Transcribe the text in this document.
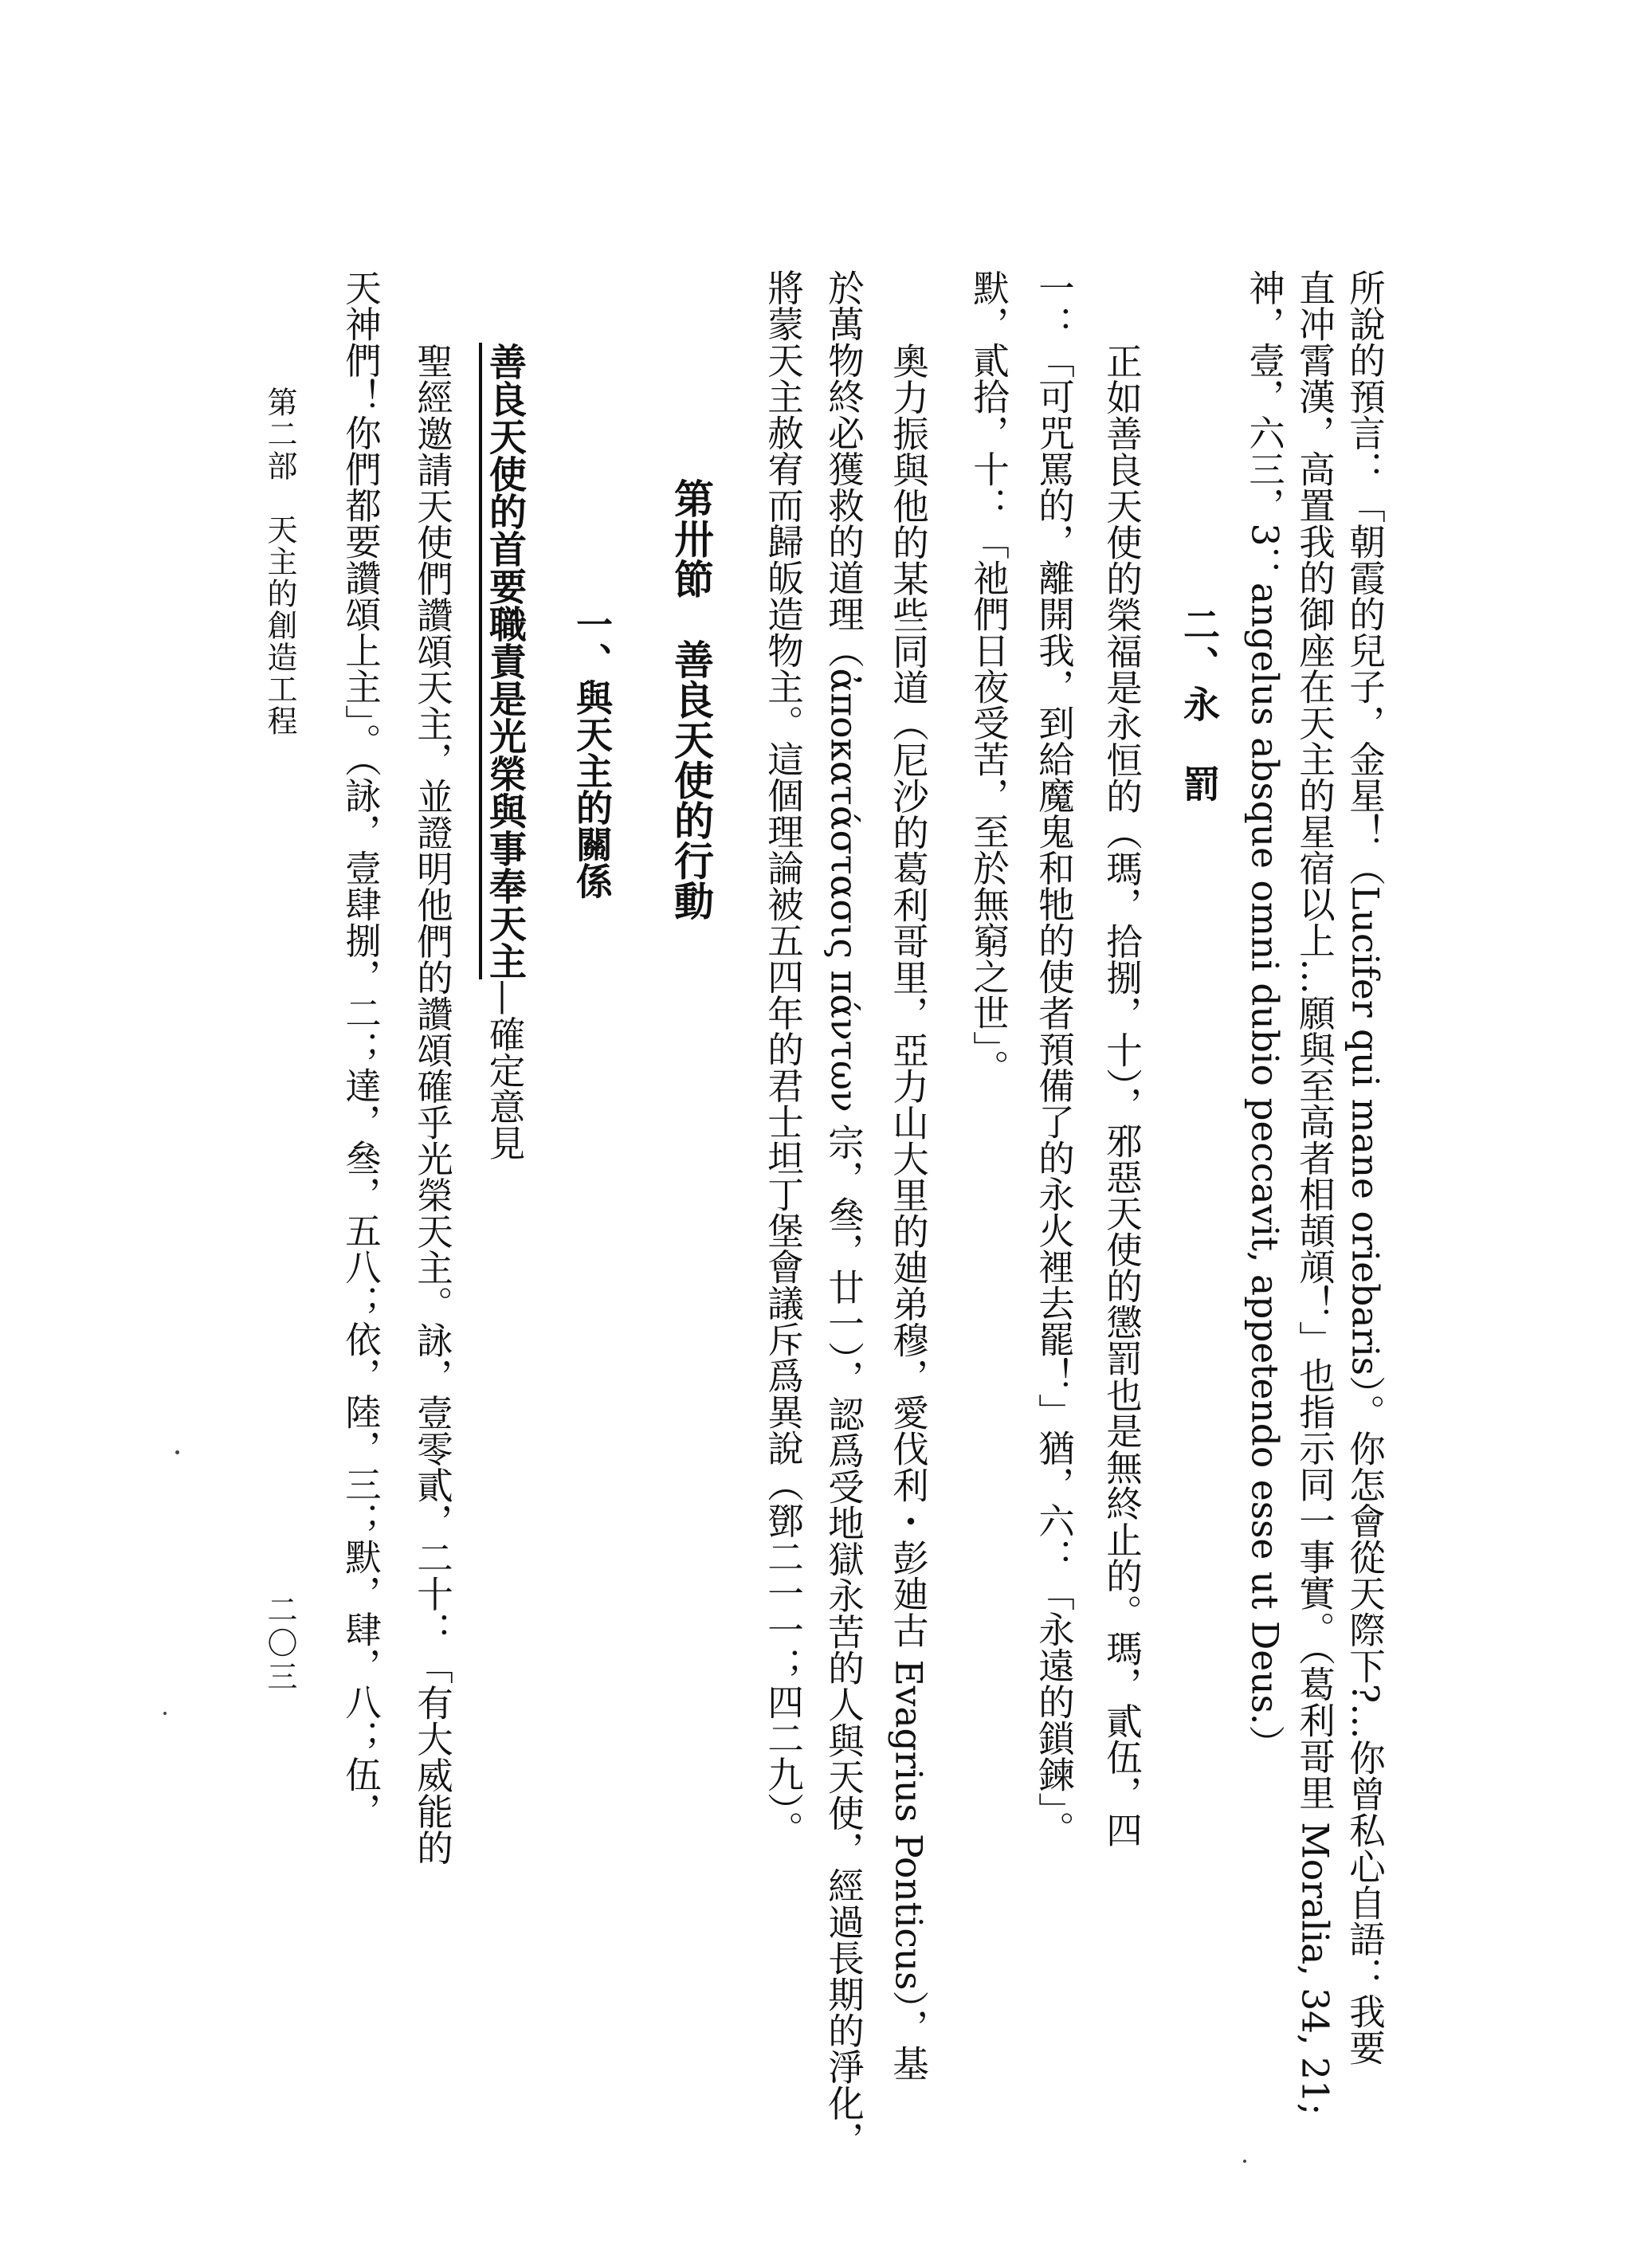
所說的預言：「朝霞的兒子，金星！（Lucifer qui mane oriebaris）。你怎會從天際下?…你曾私心自語：我要

直冲霄漢，高置我的御座在天主的星宿以上…願與至高者相頡頏！」也指示同一事實。（葛利哥里 Moralia, 34, 21;

神，壹，六三，3：angelus absque omni dubio peccavit, appetendo esse ut Deus.）

二、永　罰

正如善良天使的榮福是永恒的（瑪，拾捌，十），邪惡天使的懲罰也是無終止的。瑪，貳伍，四

一：「可咒罵的，離開我，到給魔鬼和牠的使者預備了的永火裡去罷！」猶，六：「永遠的鎖鍊」。

默，貳拾，十：「祂們日夜受苦，至於無窮之世」。

奧力振與他的某些同道（尼沙的葛利哥里，亞力山大里的廸弟穆，愛伐利・彭廸古 Evagrius Ponticus），基

於萬物終必獲救的道理（ἀποκατάστασις πάντων 宗，叄，廿一），認爲受地獄永苦的人與天使，經過長期的淨化，

將蒙天主赦宥而歸皈造物主。這個理論被五四年的君士坦丁堡會議斥爲異說（鄧二一一；四二九）。

第卅節　善良天使的行動

一、與天主的關係

善良天使的首要職責是光榮與事奉天主—確定意見

聖經邀請天使們讚頌天主，並證明他們的讚頌確乎光榮天主。詠，壹零貳，二十：「有大威能的

天神們！你們都要讚頌上主」。（詠，壹肆捌，二；達，叄，五八；依，陸，三；默，肆，八；伍，

第二部　天主的創造工程

二〇三
